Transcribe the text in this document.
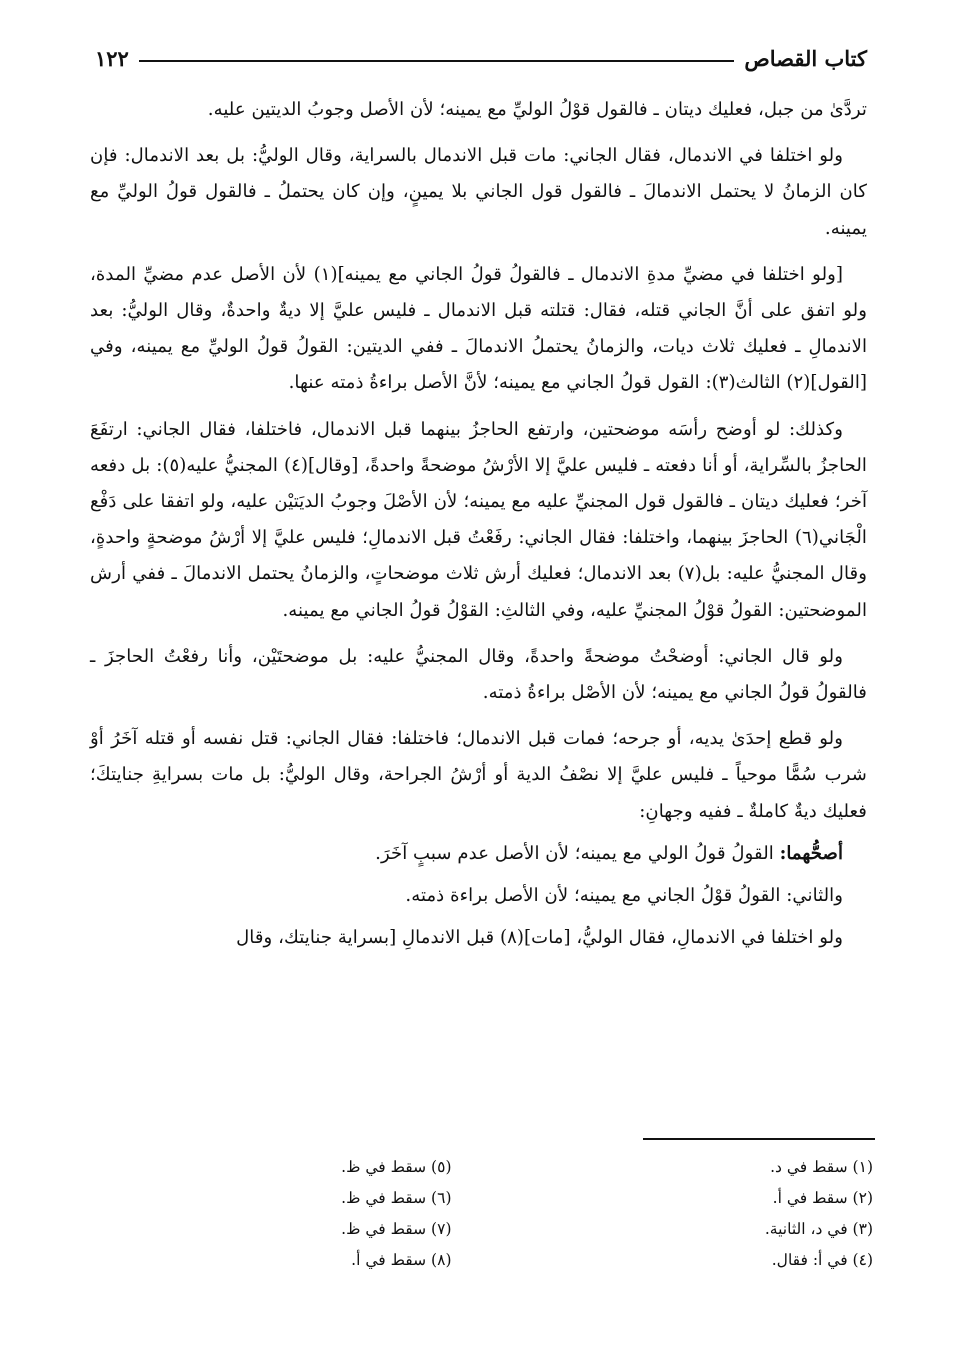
١٢٢	كتاب القصاص

تردَّىٰ من جبل، فعليك ديتان ـ فالقول قوْلُ الوليِّ مع يمينه؛ لأن الأصل وجوبُ الديتين عليه.

ولو اختلفا في الاندمال، فقال الجاني: مات قبل الاندمال بالسراية، وقال الوليُّ: بل بعد الاندمال: فإن كان الزمانُ لا يحتمل الاندمالَ ـ فالقول قول الجاني بلا يمينٍ، وإن كان يحتملُ ـ فالقول قولُ الوليِّ مع يمينه.

[ولو اختلفا في مضيِّ مدةِ الاندمال ـ فالقولُ قولُ الجاني مع يمينه](١) لأن الأصل عدم مضيِّ المدة، ولو اتفق على أنَّ الجاني قتله، فقال: قتلته قبل الاندمال ـ فليس عليَّ إلا ديةٌ واحدةٌ، وقال الوليُّ: بعد الاندمالِ ـ فعليك ثلاث ديات، والزمانُ يحتملُ الاندمالَ ـ ففي الديتين: القولُ قولُ الوليِّ مع يمينه، وفي [القول](٢) الثالث(٣): القول قولُ الجاني مع يمينه؛ لأنَّ الأصل براءةُ ذمته عنها.

وكذلك: لو أوضح رأسَه موضحتين، وارتفع الحاجزُ بينهما قبل الاندمال، فاختلفا، فقال الجاني: ارتفَعَ الحاجزُ بالسِّراية، أو أنا دفعته ـ فليس عليَّ إلا الأرْشُ موضحةً واحدةً، [وقال](٤) المجنيُّ عليه(٥): بل دفعه آخر؛ فعليك ديتان ـ فالقول قول المجنيِّ عليه مع يمينه؛ لأن الأصْلَ وجوبُ الديَتيْن عليه، ولو اتفقا على دَفْع الْجَاني(٦) الحاجزَ بينهما، واختلفا: فقال الجاني: رفَعْتُ قبل الاندمالِ؛ فليس عليَّ إلا أرْشُ موضحةٍ واحدةٍ، وقال المجنيُّ عليه: بل(٧) بعد الاندمال؛ فعليك أرش ثلاث موضحاتٍ، والزمانُ يحتمل الاندمالَ ـ ففي أرش الموضحتين: القولُ قوْلُ المجنيِّ عليه، وفي الثالثِ: القوْلُ قولُ الجاني مع يمينه.

ولو قال الجاني: أوضحْتُ موضحةً واحدةً، وقال المجنيُّ عليه: بل موضحتَيْن، وأنا رفعْتُ الحاجزَ ـ فالقولُ قولُ الجاني مع يمينه؛ لأن الأصْل براءةُ ذمته.

ولو قطع إحدَىٰ يديه، أو جرحه؛ فمات قبل الاندمال؛ فاختلفا: فقال الجاني: قتل نفسه أو قتله آخَرُ أوْ شرب سُمًّا موحياً ـ فليس عليَّ إلا نصْفُ الدية أو أرْشُ الجراحة، وقال الوليُّ: بل مات بسرايةِ جنايتكَ؛ فعليك ديةٌ كاملةٌ ـ ففيه وجهانِ:

أصحُّهما: القولُ قولُ الولي مع يمينه؛ لأن الأصل عدم سببٍ آخَرَ.

والثاني: القولُ قوْلُ الجاني مع يمينه؛ لأن الأصل براءة ذمته.

ولو اختلفا في الاندمالِ، فقال الوليُّ، [مات](٨) قبل الاندمالِ [بسراية جنايتك، وقال

(١) سقط في د.
(٢) سقط في أ.
(٣) في د، الثانية.
(٤) في أ: فقال.
(٥) سقط في ظ.
(٦) سقط في ظ.
(٧) سقط في ظ.
(٨) سقط في أ.
